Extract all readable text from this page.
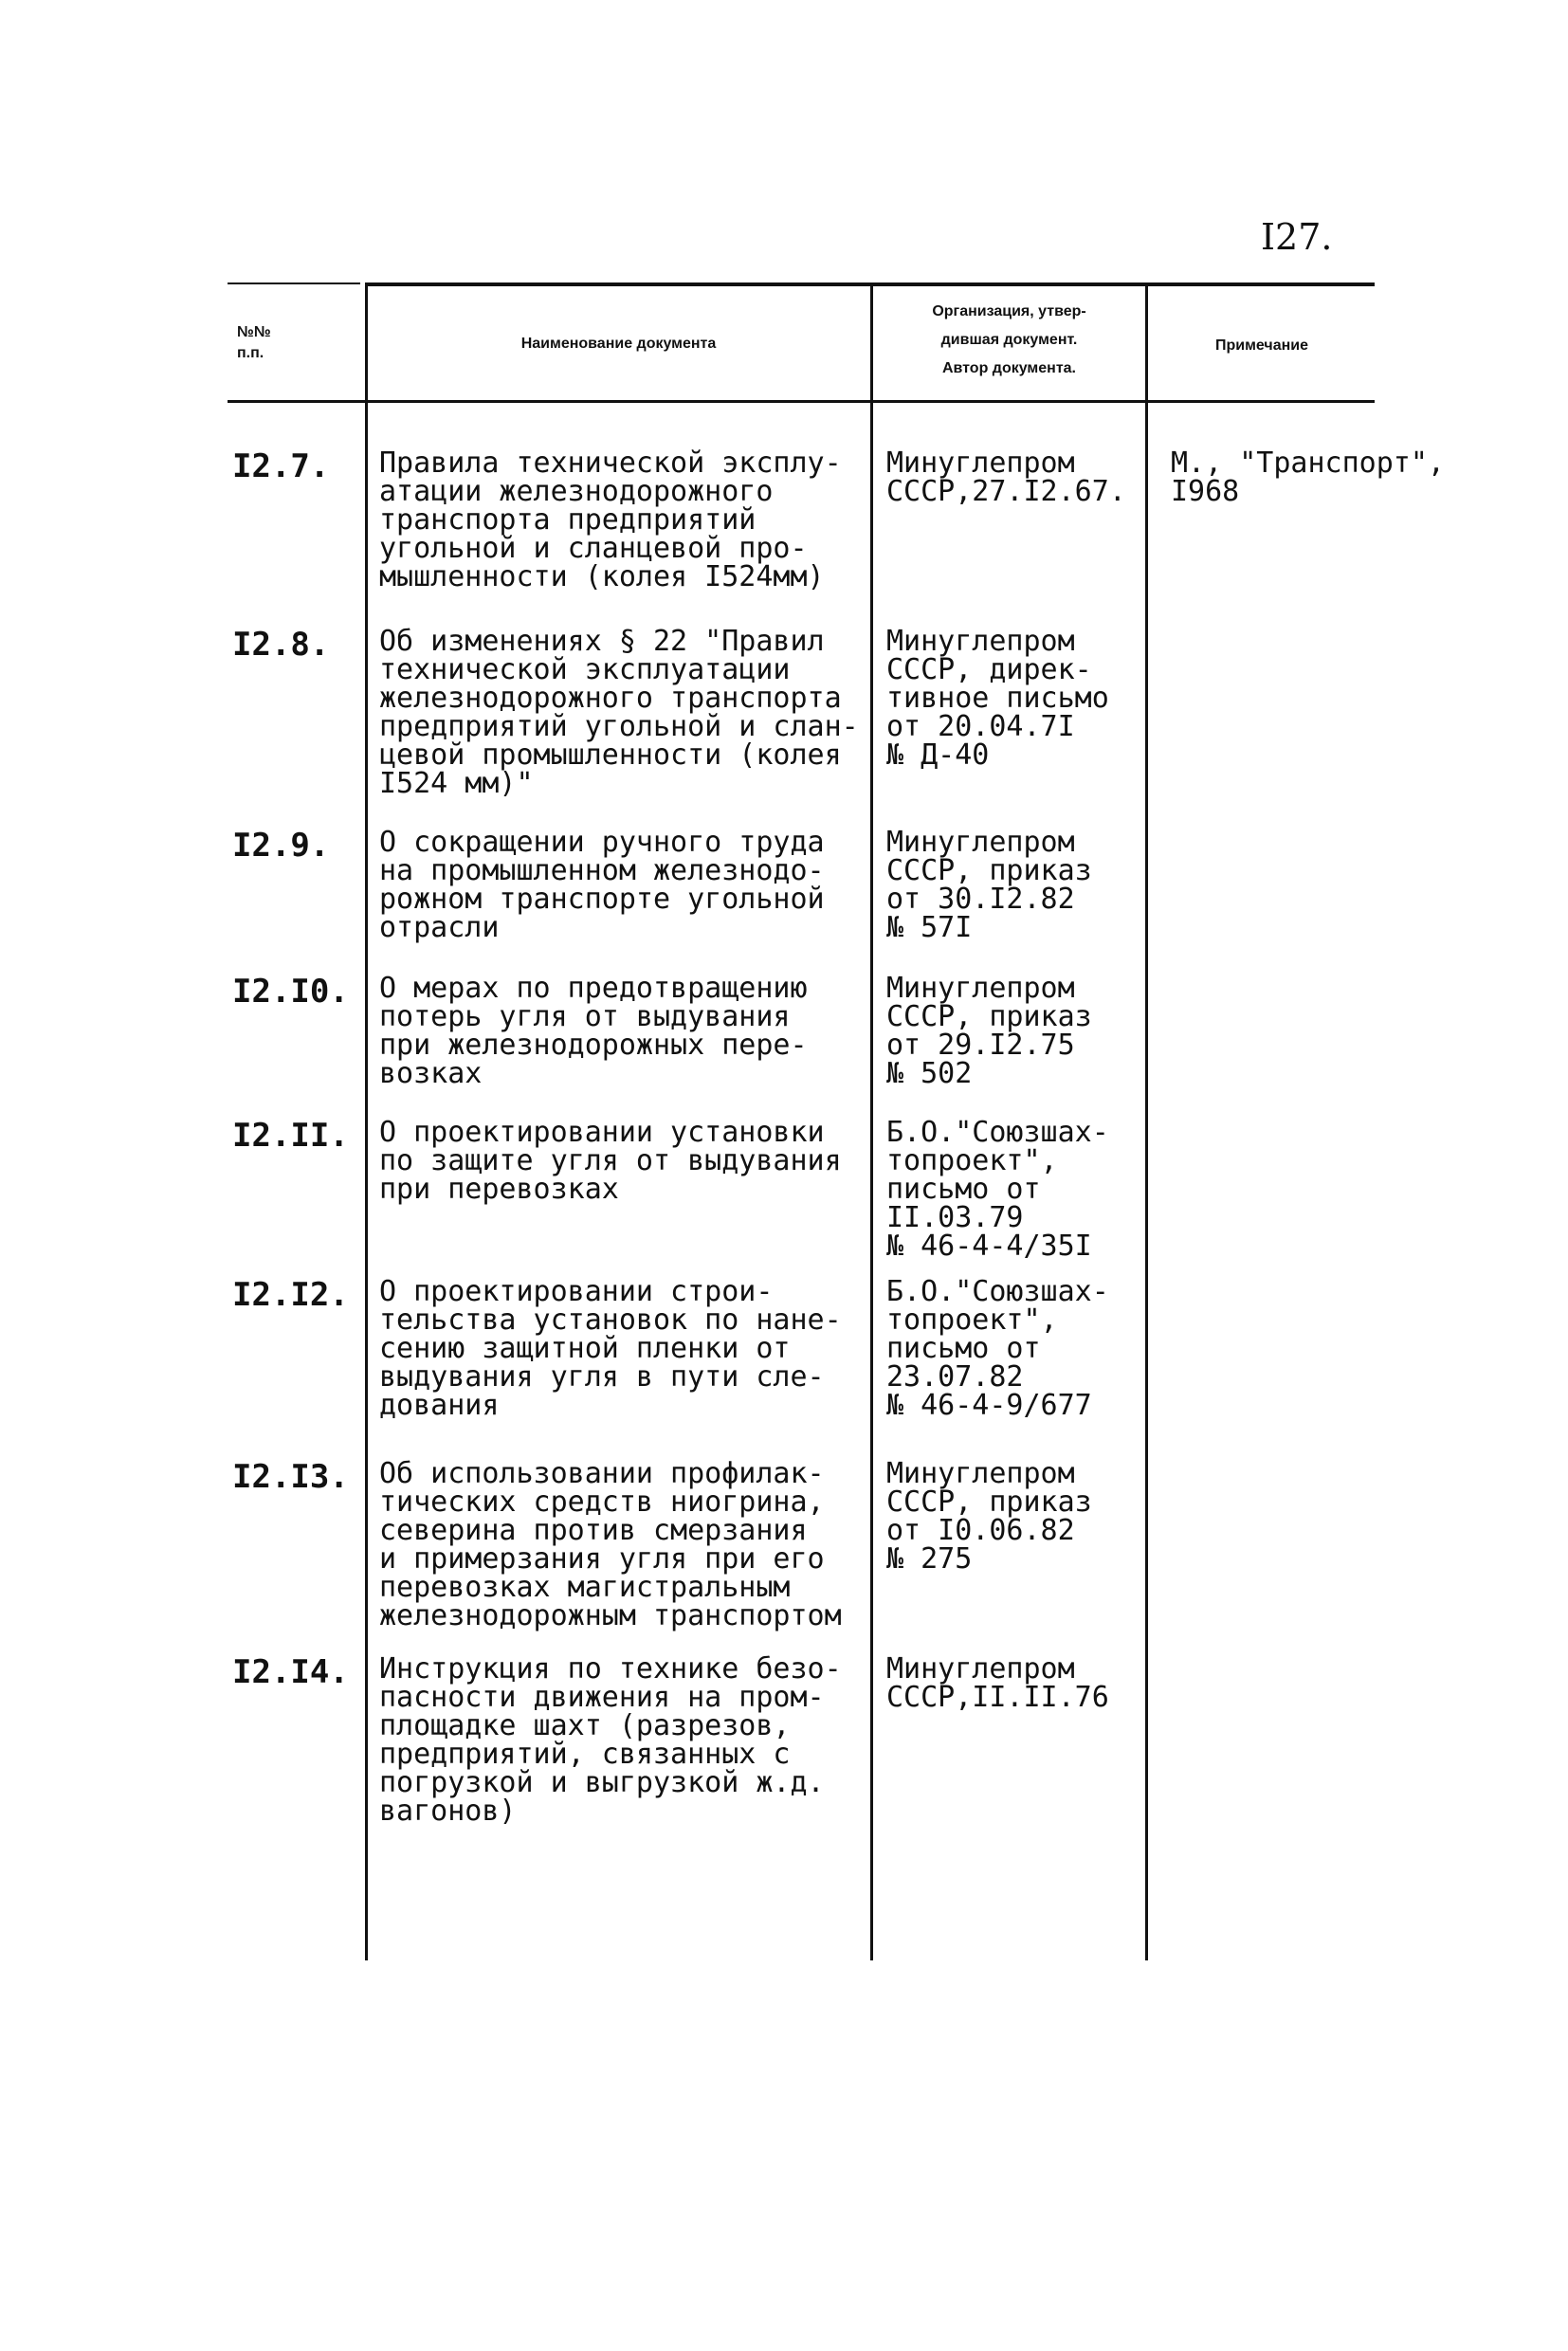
I27.
№№
п.п.
Наименование документа
Организация, утвер-
дившая документ.
Автор документа.
Примечание
I2.7. Правила технической эксплу-
атации железнодорожного
транспорта предприятий
угольной и сланцевой про-
мышленности (колея I524мм)
Минуглепром
СССР,27.I2.67.
М., "Транспорт",
I968
I2.8. Об изменениях § 22 "Правил
технической эксплуатации
железнодорожного транспорта
предприятий угольной и слан-
цевой промышленности (колея
I524 мм)"
Минуглепром
СССР, дирек-
тивное письмо
от 20.04.7I
№ Д-40
I2.9. О сокращении ручного труда
на промышленном железнодо-
рожном транспорте угольной
отрасли
Минуглепром
СССР, приказ
от 30.I2.82
№ 57I
I2.I0. О мерах по предотвращению
потерь угля от выдувания
при железнодорожных пере-
возках
Минуглепром
СССР, приказ
от 29.I2.75
№ 502
I2.II. О проектировании установки
по защите угля от выдувания
при перевозках
Б.О."Союзшах-
топроект",
письмо от
II.03.79
№ 46-4-4/35I
I2.I2. О проектировании строи-
тельства установок по нане-
сению защитной пленки от
выдувания угля в пути сле-
дования
Б.О."Союзшах-
топроект",
письмо от
23.07.82
№ 46-4-9/677
I2.I3. Об использовании профилак-
тических средств ниогрина,
северина против смерзания
и примерзания угля при его
перевозках магистральным
железнодорожным транспортом
Минуглепром
СССР, приказ
от I0.06.82
№ 275
I2.I4. Инструкция по технике безо-
пасности движения на пром-
площадке шахт (разрезов,
предприятий, связанных с
погрузкой и выгрузкой ж.д.
вагонов)
Минуглепром
СССР,II.II.76
